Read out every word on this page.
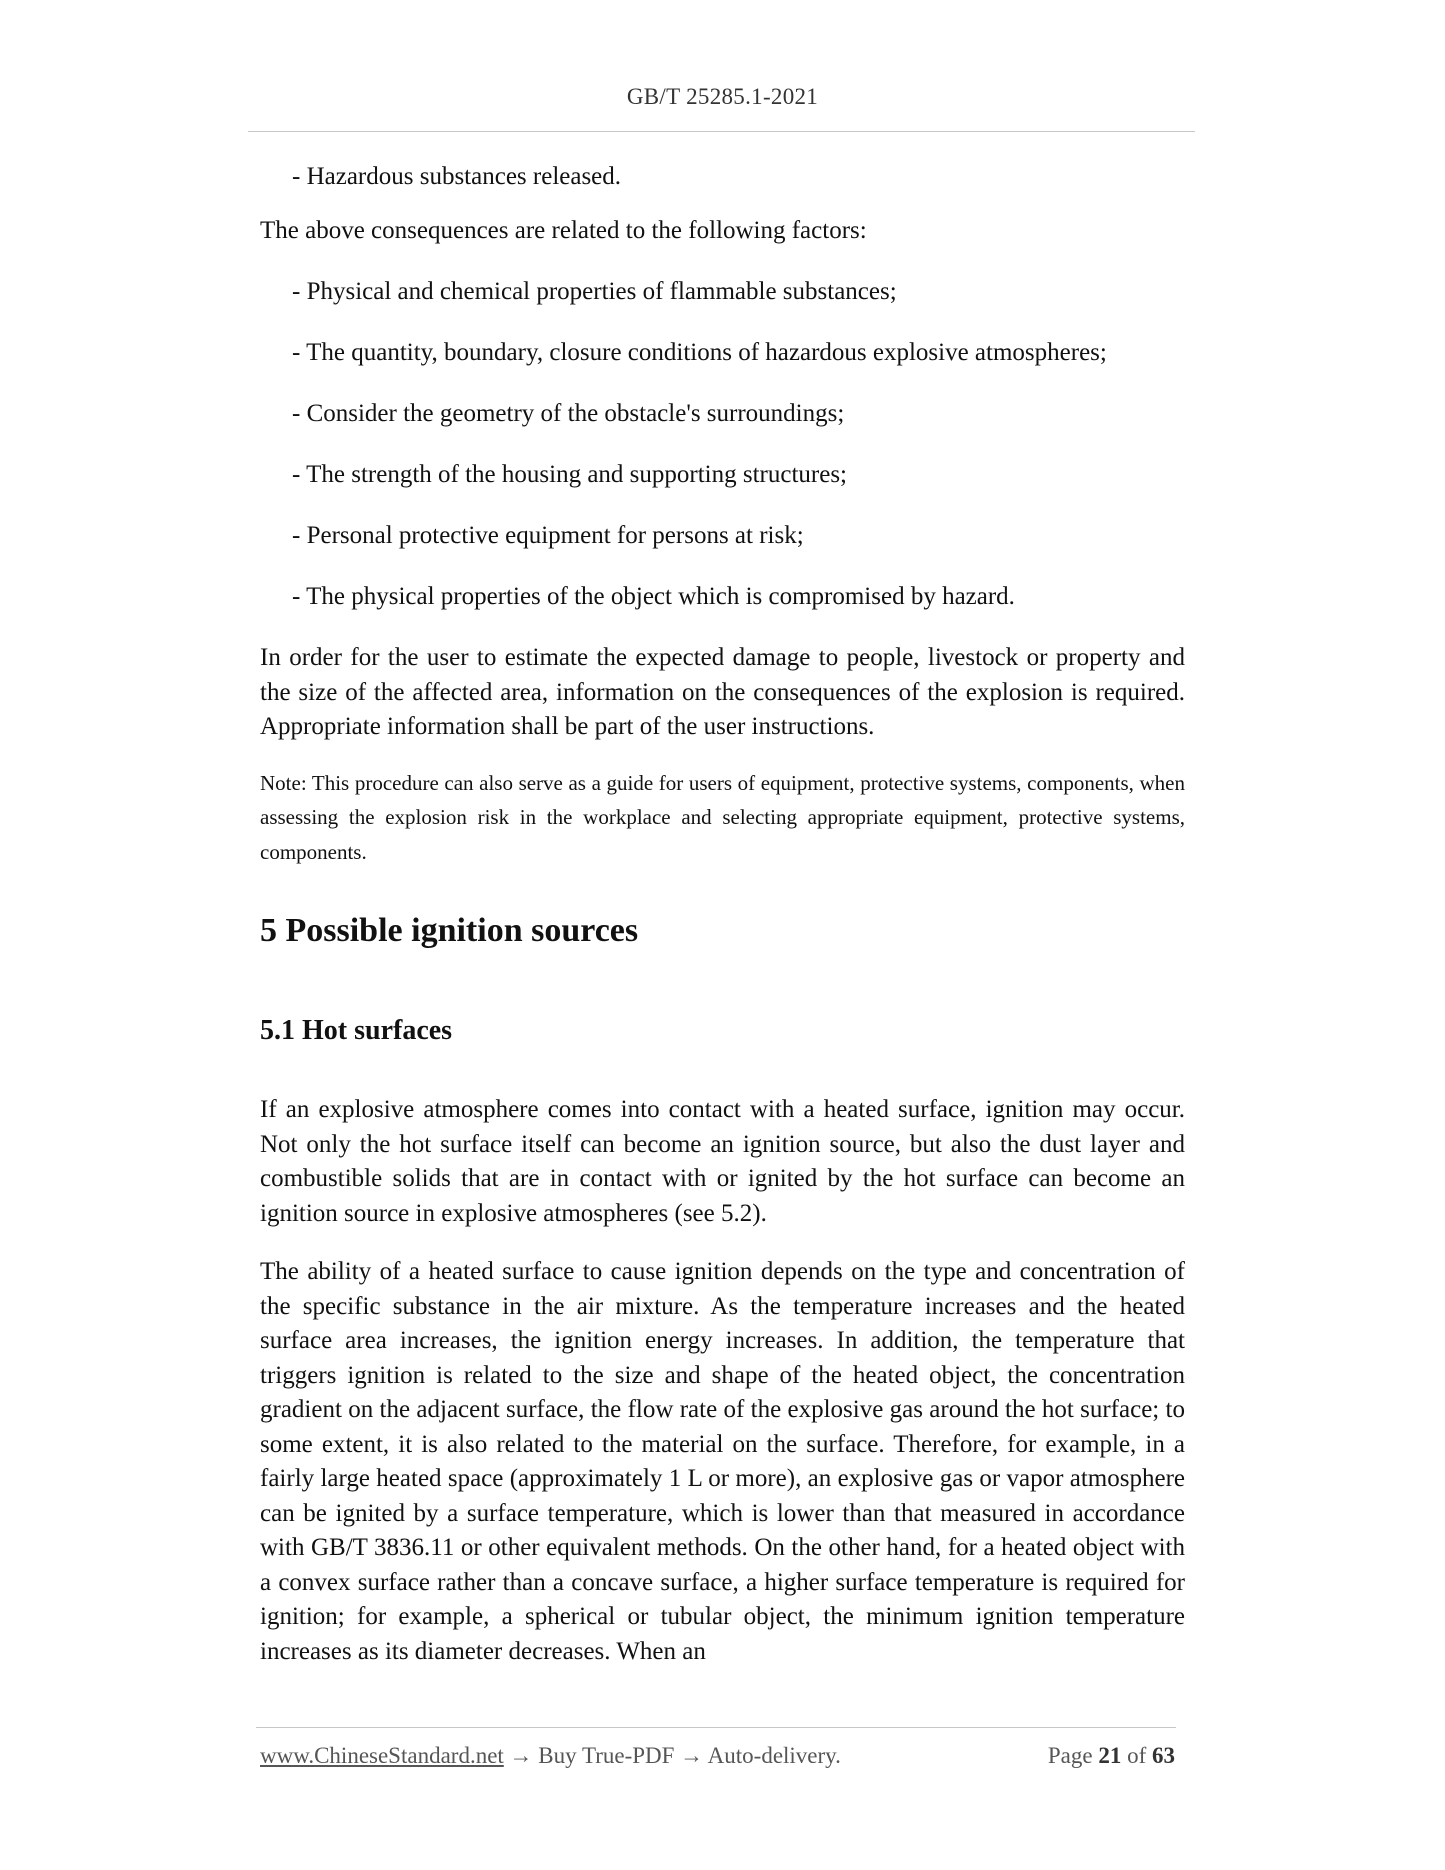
GB/T 25285.1-2021

- Hazardous substances released.

The above consequences are related to the following factors:

- Physical and chemical properties of flammable substances;

- The quantity, boundary, closure conditions of hazardous explosive atmospheres;

- Consider the geometry of the obstacle's surroundings;

- The strength of the housing and supporting structures;

- Personal protective equipment for persons at risk;

- The physical properties of the object which is compromised by hazard.

In order for the user to estimate the expected damage to people, livestock or property and the size of the affected area, information on the consequences of the explosion is required. Appropriate information shall be part of the user instructions.

Note: This procedure can also serve as a guide for users of equipment, protective systems, components, when assessing the explosion risk in the workplace and selecting appropriate equipment, protective systems, components.

5 Possible ignition sources
5.1 Hot surfaces

If an explosive atmosphere comes into contact with a heated surface, ignition may occur. Not only the hot surface itself can become an ignition source, but also the dust layer and combustible solids that are in contact with or ignited by the hot surface can become an ignition source in explosive atmospheres (see 5.2).

The ability of a heated surface to cause ignition depends on the type and concentration of the specific substance in the air mixture. As the temperature increases and the heated surface area increases, the ignition energy increases. In addition, the temperature that triggers ignition is related to the size and shape of the heated object, the concentration gradient on the adjacent surface, the flow rate of the explosive gas around the hot surface; to some extent, it is also related to the material on the surface. Therefore, for example, in a fairly large heated space (approximately 1 L or more), an explosive gas or vapor atmosphere can be ignited by a surface temperature, which is lower than that measured in accordance with GB/T 3836.11 or other equivalent methods. On the other hand, for a heated object with a convex surface rather than a concave surface, a higher surface temperature is required for ignition; for example, a spherical or tubular object, the minimum ignition temperature increases as its diameter decreases. When an

www.ChineseStandard.net → Buy True-PDF → Auto-delivery.	Page 21 of 63
